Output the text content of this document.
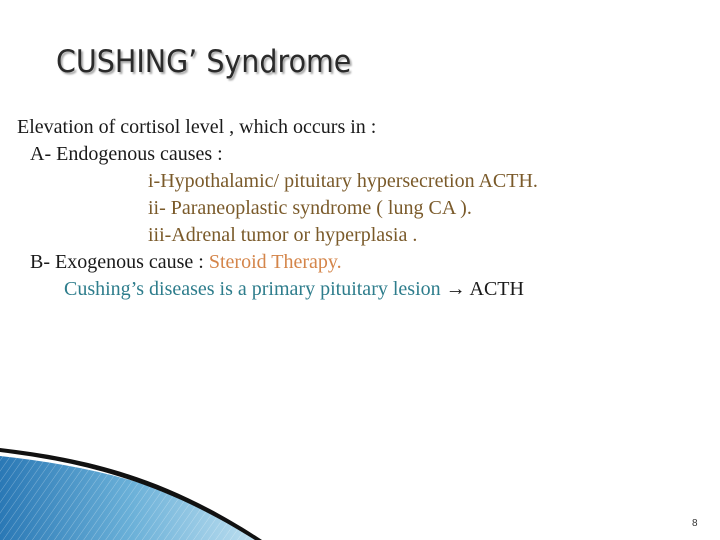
CUSHING’ Syndrome
Elevation of cortisol level , which occurs in :
A- Endogenous causes :
i-Hypothalamic/ pituitary hypersecretion ACTH.
ii- Paraneoplastic syndrome ( lung CA ).
iii-Adrenal tumor or hyperplasia .
B- Exogenous cause : Steroid Therapy.
Cushing’s diseases is a primary pituitary lesion → ACTH
8
